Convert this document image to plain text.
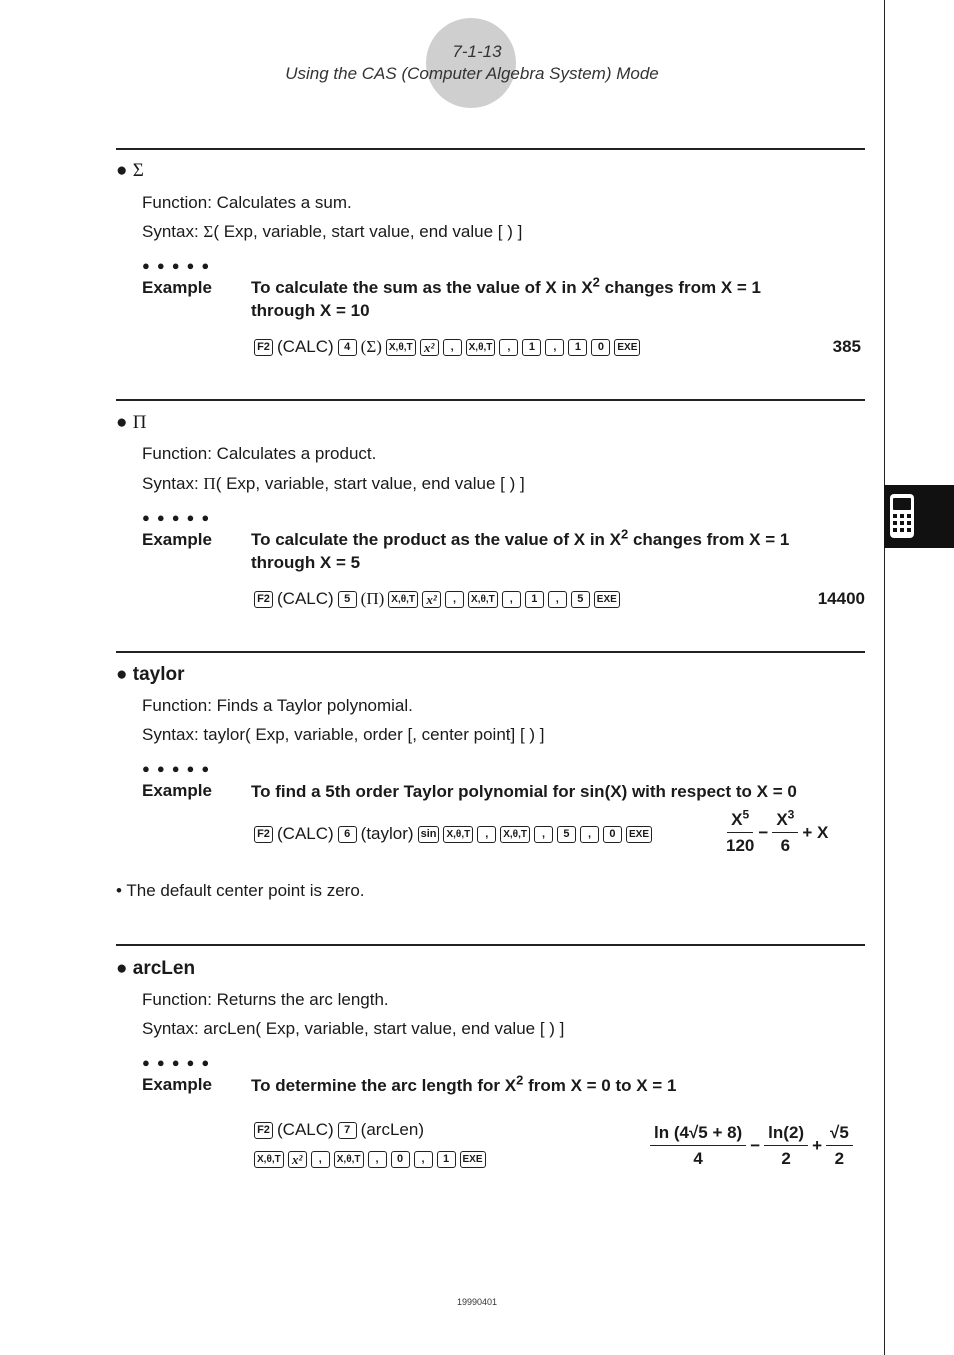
7-1-13
Using the CAS (Computer Algebra System) Mode
● Σ
Function: Calculates a sum.
Syntax: Σ( Exp, variable, start value, end value [ ) ]
●●●●●
Example To calculate the sum as the value of X in $X^2$ changes from X = 1
through X = 10
F2 (CALC) 4 (Σ) X,θ,T x²	,	X,θ,T	,	1	,	1	0	EXE	385
● Π
Function: Calculates a product.
Syntax: Π( Exp, variable, start value, end value [ ) ]
●●●●●
Example To calculate the product as the value of X in $X^2$ changes from X = 1
through X = 5
F2 (CALC) 5 (Π) X,θ,T x²	,	X,θ,T	,	1	,	5	EXE	14400
● taylor
Function: Finds a Taylor polynomial.
Syntax: taylor( Exp, variable, order [, center point] [ ) ]
●●●●●
Example To find a 5th order Taylor polynomial for sin(X) with respect to X = 0
F2 (CALC) 6 (taylor) sin	X,θ,T	,	X,θ,T	,	5	,	0	EXE	$\frac{X^5}{120} - \frac{X^3}{6} + X$
• The default center point is zero.
● arcLen
Function: Returns the arc length.
Syntax: arcLen( Exp, variable, start value, end value [ ) ]
●●●●●
Example To determine the arc length for $X^2$ from X = 0 to X = 1
F2 (CALC) 7 (arcLen)
X,θ,T x²	,	X,θ,T	,	0	,	1	EXE	$\frac{\ln (4√5 + 8)}{4} - \frac{\ln(2)}{2} + \frac{√5}{2}$
19990401
